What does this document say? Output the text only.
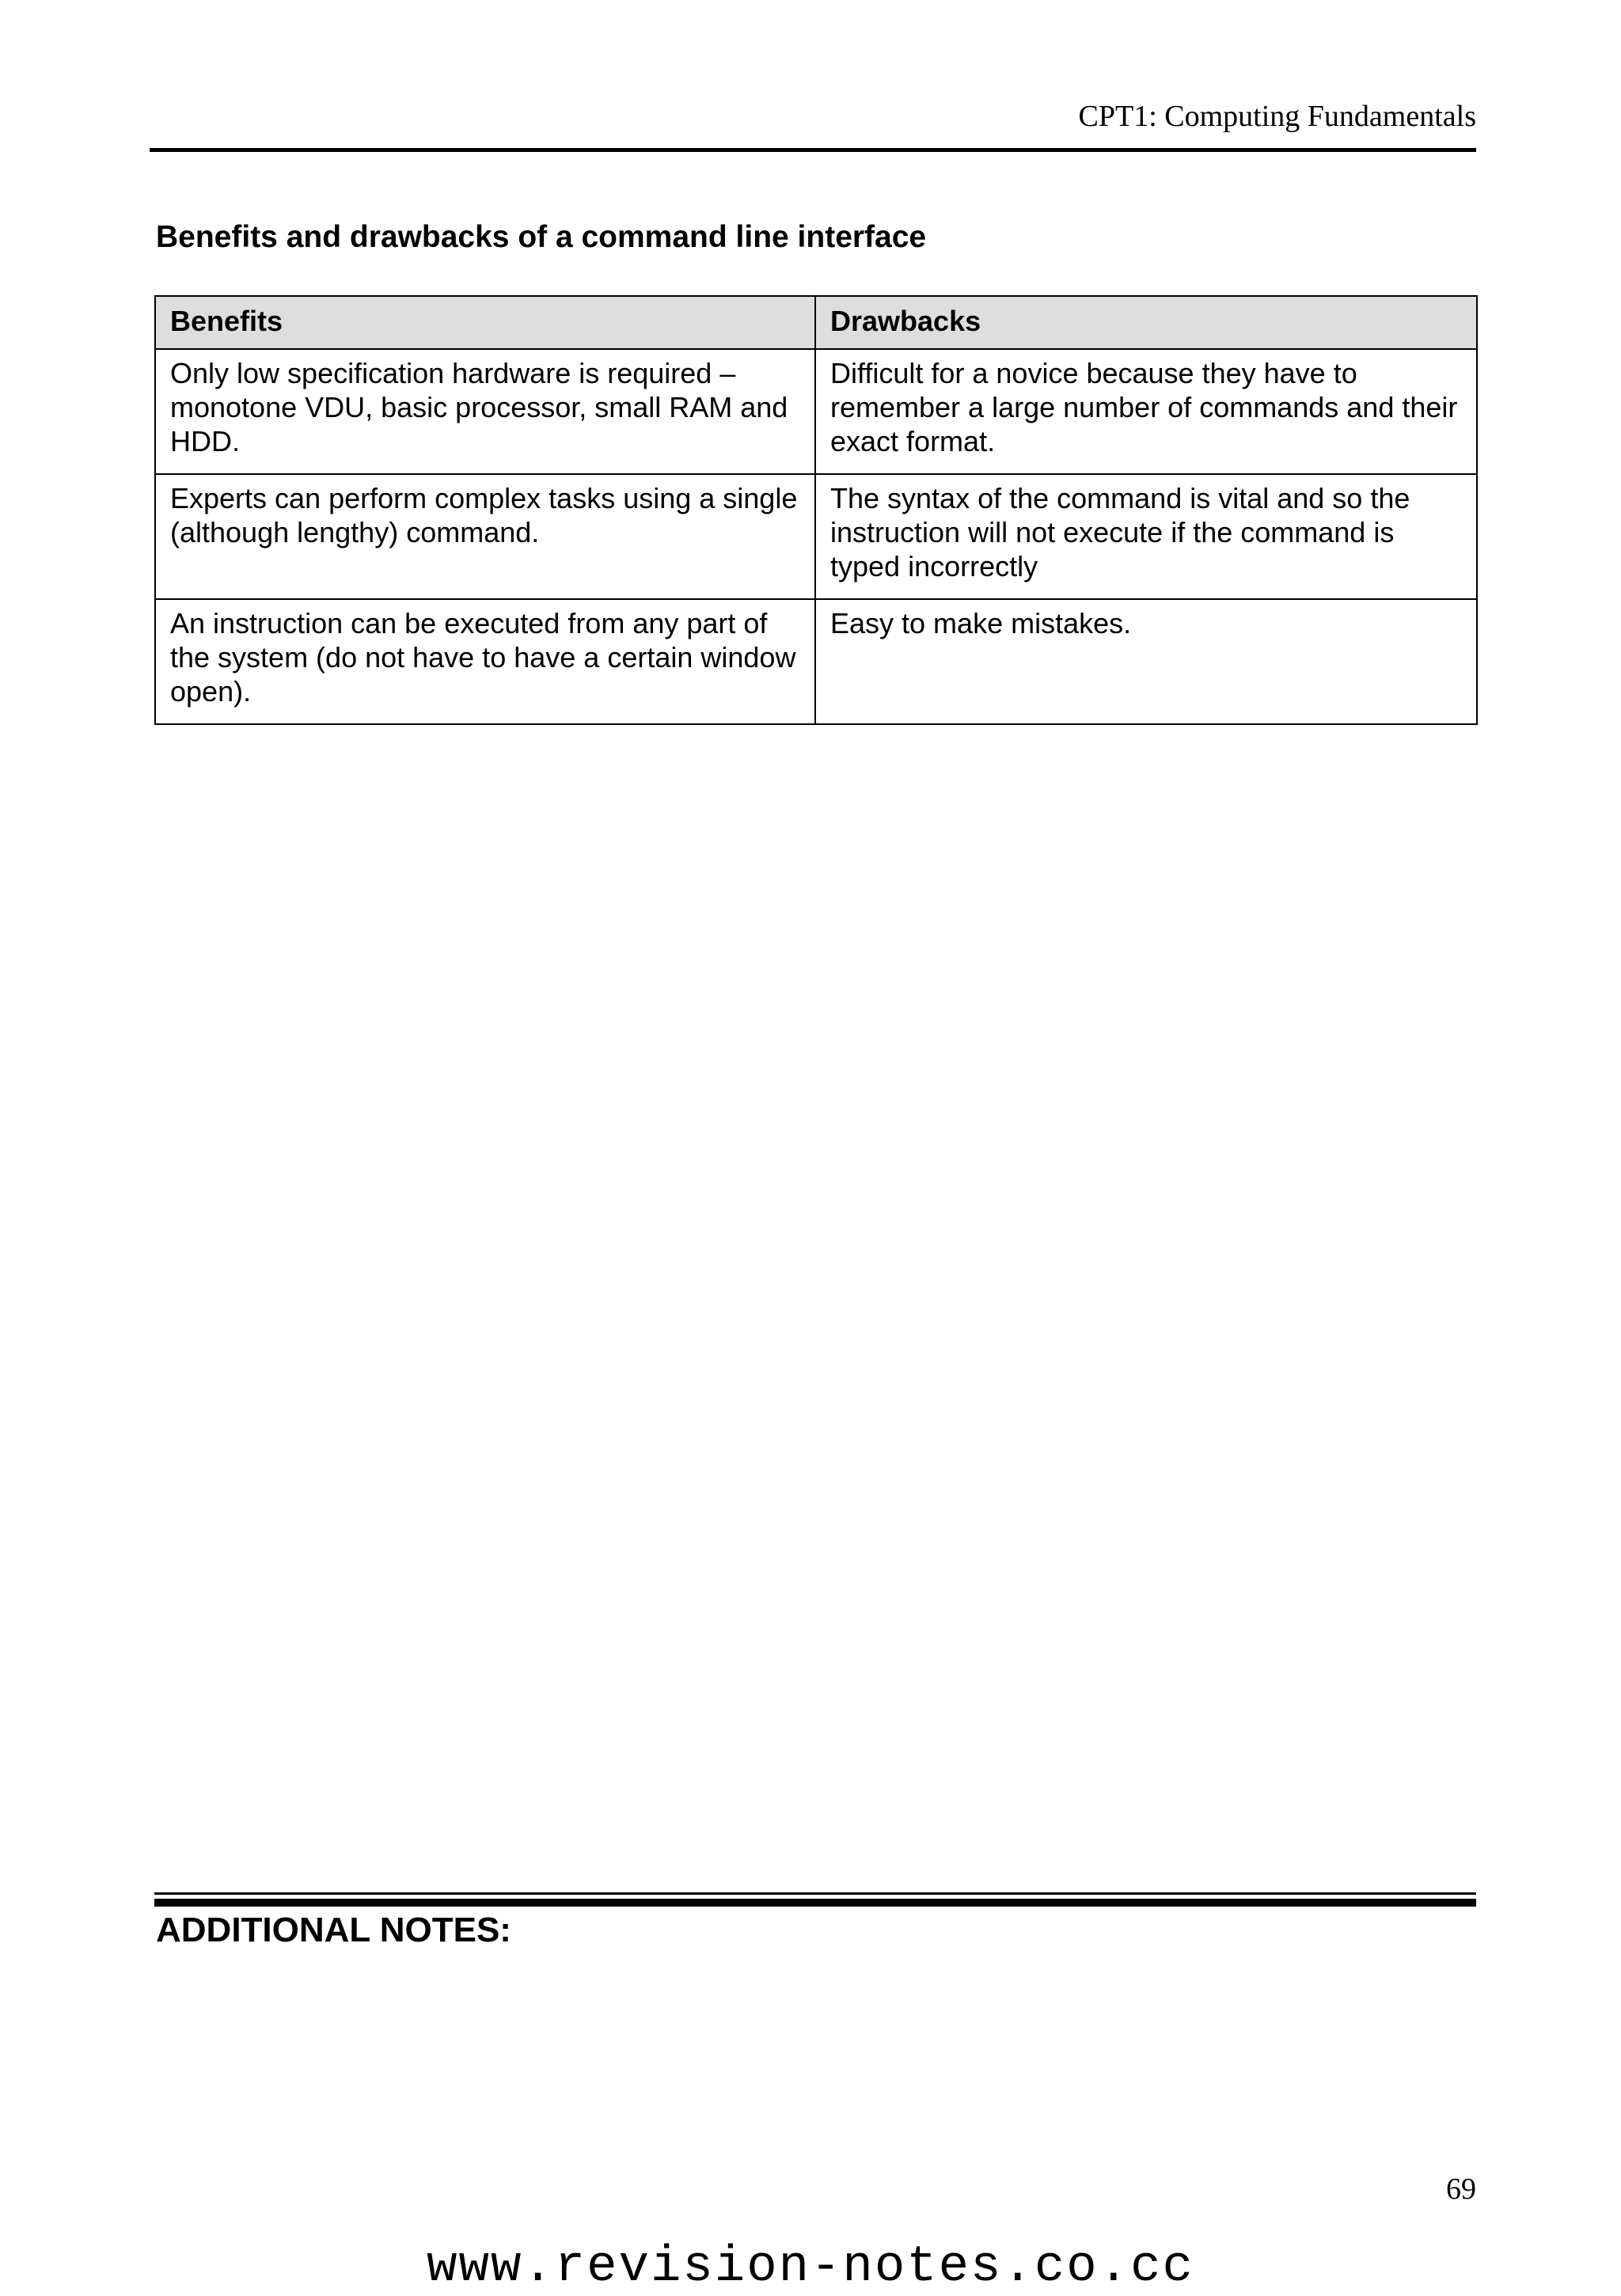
CPT1: Computing Fundamentals
Benefits and drawbacks of a command line interface
Benefits	Drawbacks
Only low specification hardware is required – monotone VDU, basic processor, small RAM and HDD.	Difficult for a novice because they have to remember a large number of commands and their exact format.
Experts can perform complex tasks using a single (although lengthy) command.	The syntax of the command is vital and so the instruction will not execute if the command is typed incorrectly
An instruction can be executed from any part of the system (do not have to have a certain window open).	Easy to make mistakes.
ADDITIONAL NOTES:
69
www.revision-notes.co.cc
